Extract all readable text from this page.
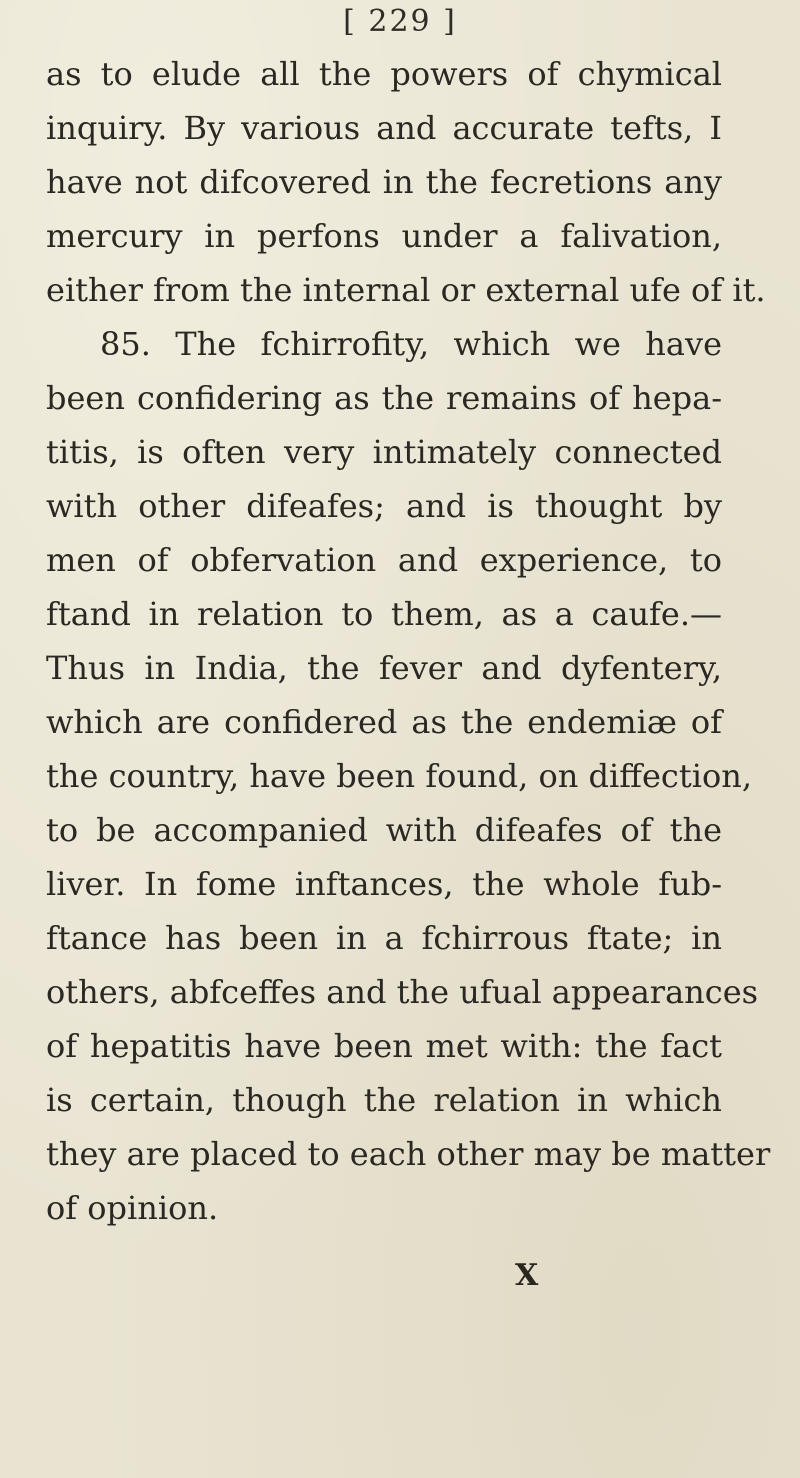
[ 229 ]
as to elude all the powers of chymical
inquiry. By various and accurate tefts, I
have not difcovered in the fecretions any
mercury in perfons under a falivation,
either from the internal or external ufe of it.
85. The fchirrofity, which we have
been confidering as the remains of hepa-
titis, is often very intimately connected
with other difeafes; and is thought by
men of obfervation and experience, to
ftand in relation to them, as a caufe.—
Thus in India, the fever and dyfentery,
which are confidered as the endemiæ of
the country, have been found, on diffection,
to be accompanied with difeafes of the
liver. In fome inftances, the whole fub-
ftance has been in a fchirrous ftate; in
others, abfceffes and the ufual appearances
of hepatitis have been met with: the fact
is certain, though the relation in which
they are placed to each other may be matter
of opinion.
X
